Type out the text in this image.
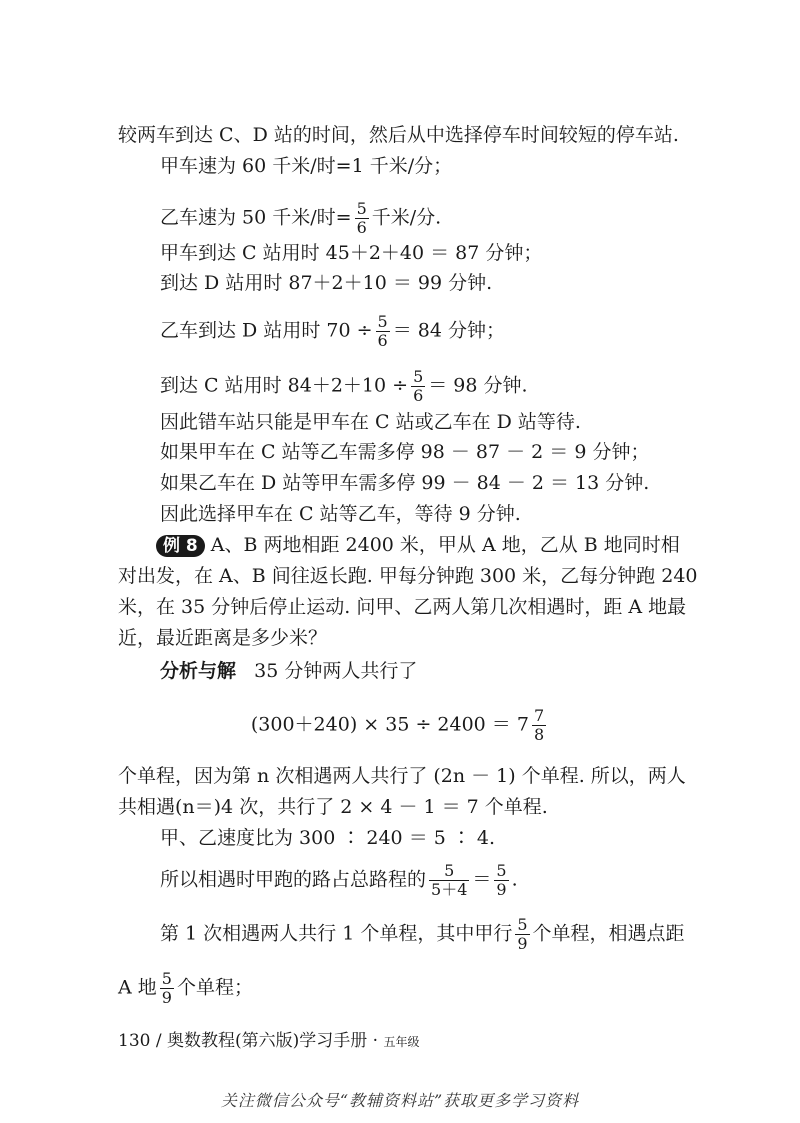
较两车到达 C、D 站的时间，然后从中选择停车时间较短的停车站.
甲车速为 60 千米/时=1 千米/分；
乙车速为 50 千米/时= $\frac{5}{6}$ 千米/分.
甲车到达 C 站用时 45＋2＋40 ＝ 87 分钟；
到达 D 站用时 87＋2＋10 ＝ 99 分钟.
乙车到达 D 站用时 $70 \div \frac{5}{6} = 84$ 分钟；
到达 C 站用时 $84+2+10 \div \frac{5}{6} = 98$ 分钟.
因此错车站只能是甲车在 C 站或乙车在 D 站等待.
如果甲车在 C 站等乙车需多停 98 － 87 － 2 ＝ 9 分钟；
如果乙车在 D 站等甲车需多停 99 － 84 － 2 ＝ 13 分钟.
因此选择甲车在 C 站等乙车，等待 9 分钟.
例 8 A、B 两地相距 2400 米，甲从 A 地，乙从 B 地同时相
对出发，在 A、B 间往返长跑. 甲每分钟跑 300 米，乙每分钟跑 240
米，在 35 分钟后停止运动. 问甲、乙两人第几次相遇时，距 A 地最
近，最近距离是多少米？
分析与解 35 分钟两人共行了
$(300+240) \times 35 \div 2400 = 7 \frac{7}{8}$
个单程，因为第 n 次相遇两人共行了 (2n － 1) 个单程. 所以，两人
共相遇(n＝)4 次，共行了 2 × 4 － 1 ＝ 7 个单程.
甲、乙速度比为 300 ∶ 240 ＝ 5 ∶ 4.
所以相遇时甲跑的路占总路程的 $\frac{5}{5+4} = \frac{5}{9}$ .
第 1 次相遇两人共行 1 个单程，其中甲行 $\frac{5}{9}$ 个单程，相遇点距
A 地 $\frac{5}{9}$ 个单程；
130 / 奥数教程(第六版)学习手册 · 五年级
关注微信公众号“教辅资料站”获取更多学习资料
